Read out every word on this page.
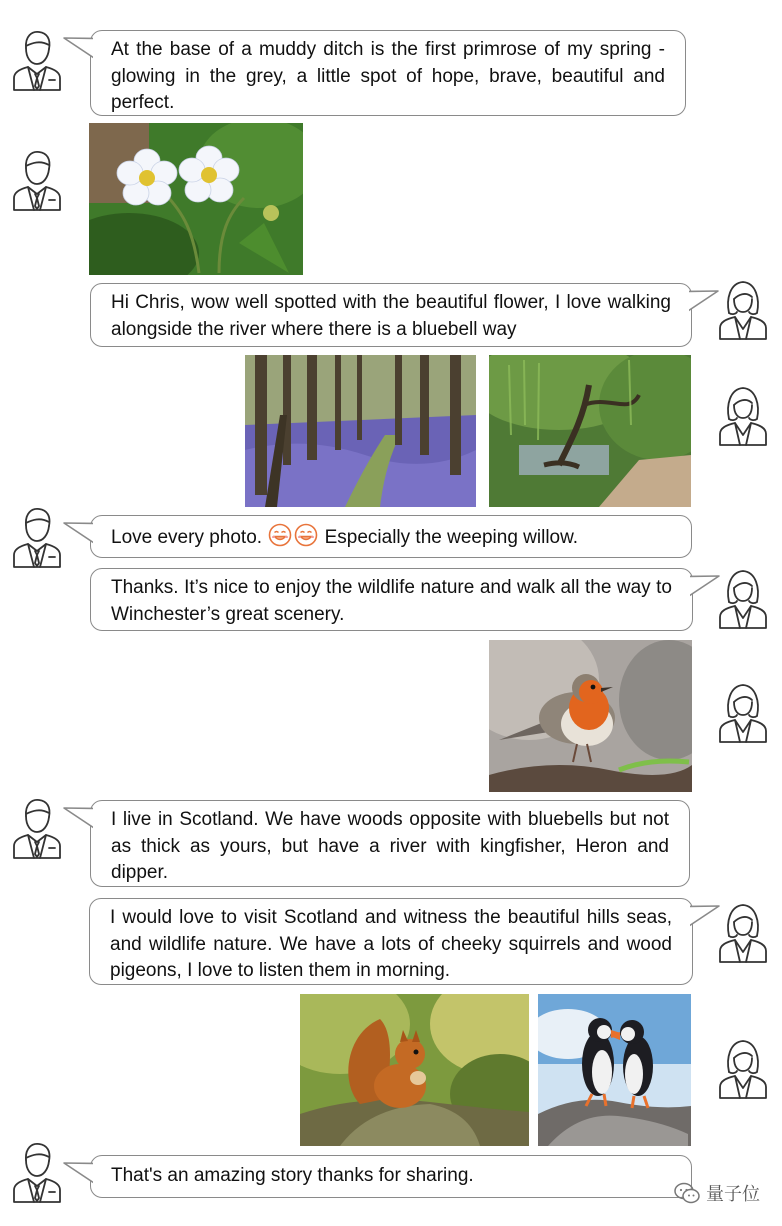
At the base of a muddy ditch is the first primrose of my spring - glowing in the grey, a little spot of hope, brave, beautiful and perfect.
Hi Chris, wow well spotted with the beautiful flower, I love walking alongside the river where there is a bluebell way
Love every photo.	Especially the weeping willow.
Thanks. It’s nice to enjoy the wildlife nature and walk all the way to Winchester’s great scenery.
I live in Scotland. We have woods opposite with bluebells but not as thick as yours, but have a river with kingfisher, Heron and dipper.
I would love to visit Scotland and witness the beautiful hills seas, and wildlife nature. We have a lots of cheeky squirrels and wood pigeons, I love to listen them in morning.
That's an amazing story thanks for sharing.
量子位
